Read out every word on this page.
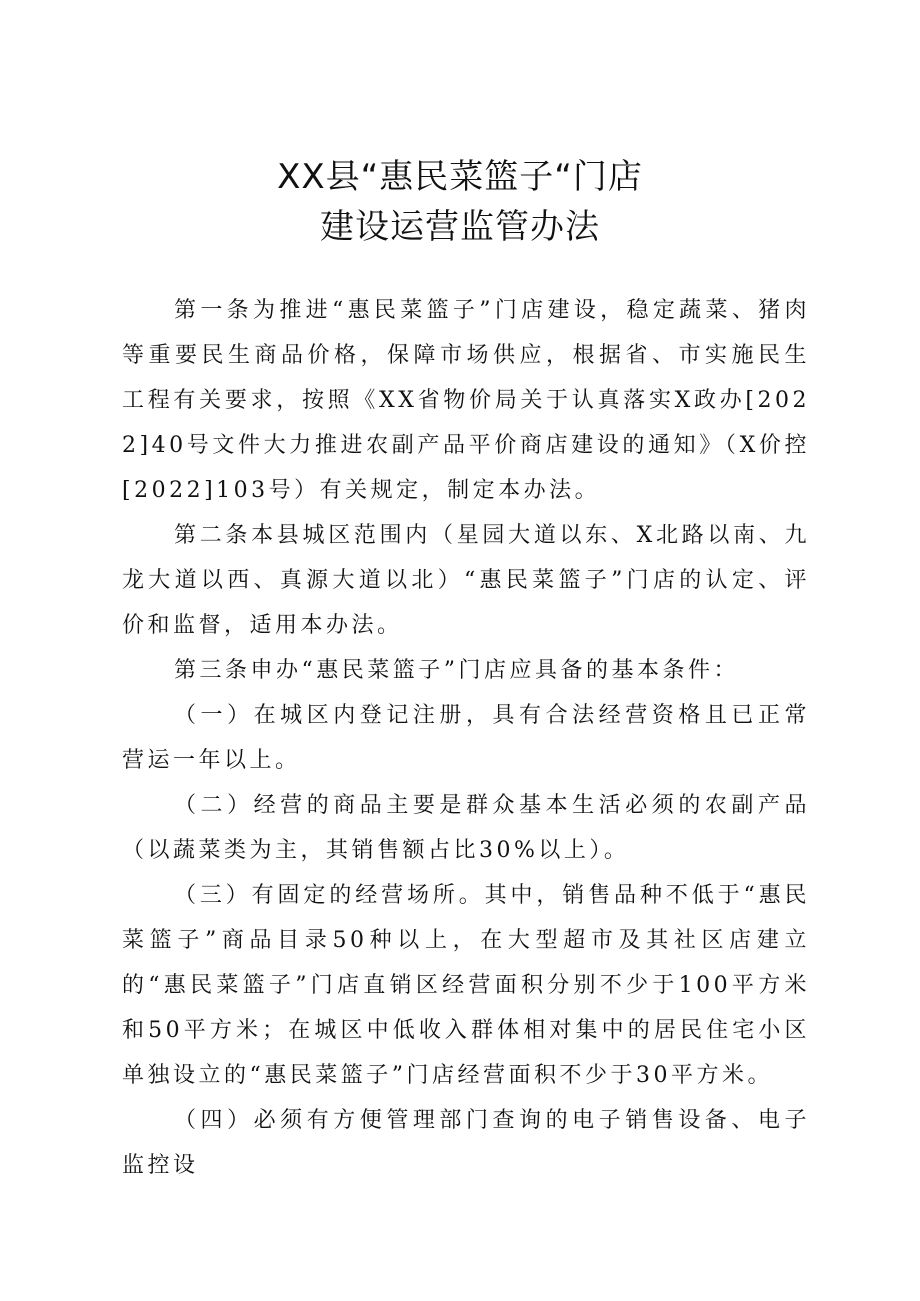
XX县“惠民菜篮子“门店
建设运营监管办法

第一条为推进“惠民菜篮子”门店建设，稳定蔬菜、猪肉等重要民生商品价格，保障市场供应，根据省、市实施民生工程有关要求，按照《XX省物价局关于认真落实X政办[2022]40号文件大力推进农副产品平价商店建设的通知》（X价控[2022]103号）有关规定，制定本办法。

第二条本县城区范围内（星园大道以东、X北路以南、九龙大道以西、真源大道以北）“惠民菜篮子”门店的认定、评价和监督，适用本办法。

第三条申办“惠民菜篮子”门店应具备的基本条件：

（一）在城区内登记注册，具有合法经营资格且已正常营运一年以上。

（二）经营的商品主要是群众基本生活必须的农副产品（以蔬菜类为主，其销售额占比30%以上）。

（三）有固定的经营场所。其中，销售品种不低于“惠民菜篮子”商品目录50种以上，在大型超市及其社区店建立的“惠民菜篮子”门店直销区经营面积分别不少于100平方米和50平方米；在城区中低收入群体相对集中的居民住宅小区单独设立的“惠民菜篮子”门店经营面积不少于30平方米。

（四）必须有方便管理部门查询的电子销售设备、电子监控设
